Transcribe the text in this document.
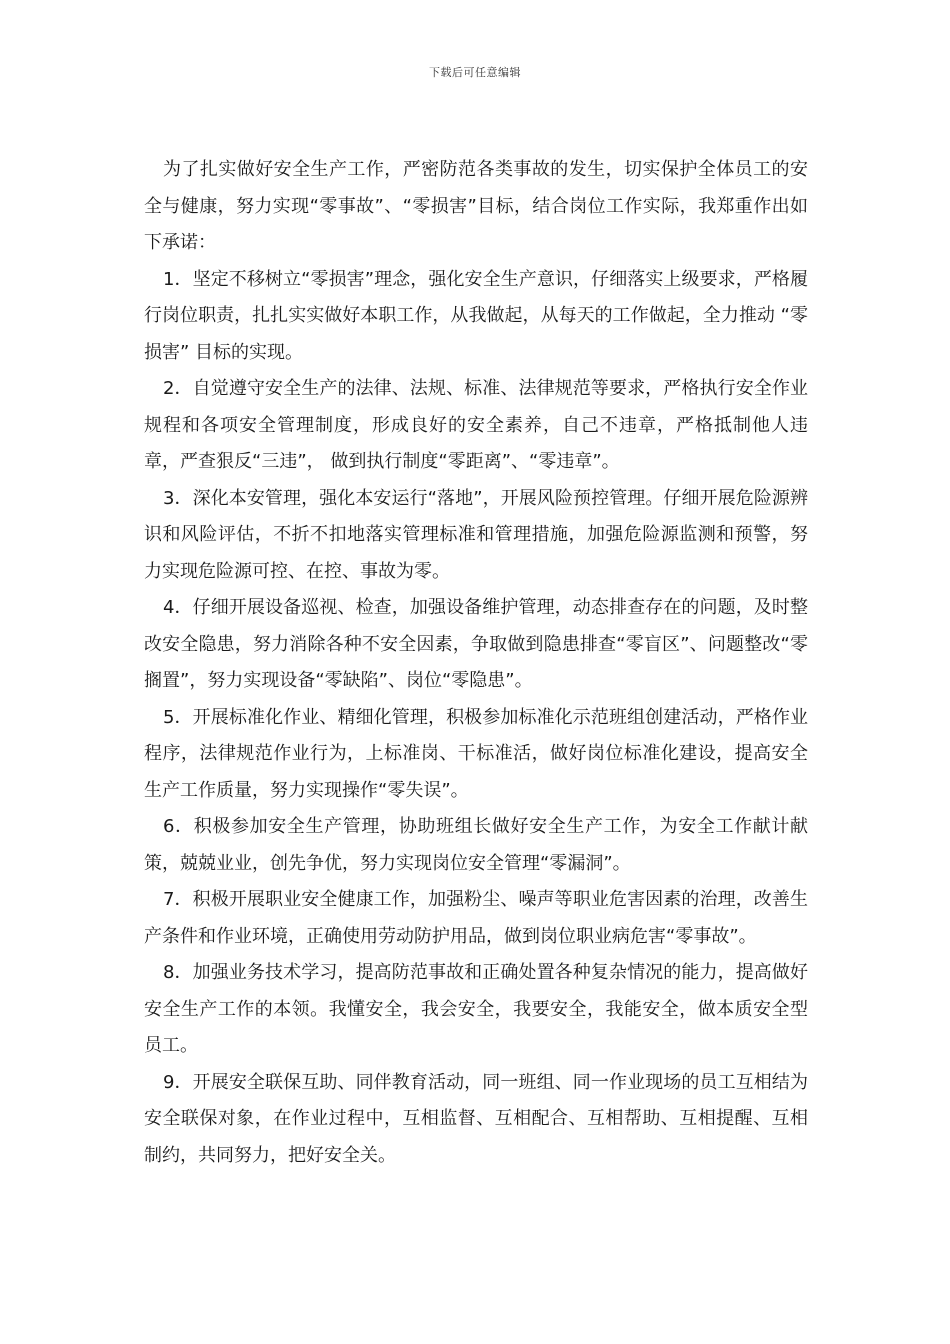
下载后可任意编辑

为了扎实做好安全生产工作，严密防范各类事故的发生，切实保护全体员工的安全与健康，努力实现“零事故”、“零损害”目标，结合岗位工作实际，我郑重作出如下承诺：

1．坚定不移树立“零损害”理念，强化安全生产意识，仔细落实上级要求，严格履行岗位职责，扎扎实实做好本职工作，从我做起，从每天的工作做起，全力推动 “零损害” 目标的实现。

2．自觉遵守安全生产的法律、法规、标准、法律规范等要求，严格执行安全作业规程和各项安全管理制度，形成良好的安全素养，自己不违章，严格抵制他人违章，严查狠反“三违”， 做到执行制度“零距离”、“零违章”。

3．深化本安管理，强化本安运行“落地”，开展风险预控管理。仔细开展危险源辨识和风险评估，不折不扣地落实管理标准和管理措施，加强危险源监测和预警，努力实现危险源可控、在控、事故为零。

4．仔细开展设备巡视、检查，加强设备维护管理，动态排查存在的问题，及时整改安全隐患，努力消除各种不安全因素，争取做到隐患排查“零盲区”、问题整改“零搁置”，努力实现设备“零缺陷”、岗位“零隐患”。

5．开展标准化作业、精细化管理，积极参加标准化示范班组创建活动，严格作业程序，法律规范作业行为，上标准岗、干标准活，做好岗位标准化建设，提高安全生产工作质量，努力实现操作“零失误”。

6．积极参加安全生产管理，协助班组长做好安全生产工作，为安全工作献计献策，兢兢业业，创先争优，努力实现岗位安全管理“零漏洞”。

7．积极开展职业安全健康工作，加强粉尘、噪声等职业危害因素的治理，改善生产条件和作业环境，正确使用劳动防护用品，做到岗位职业病危害“零事故”。

8．加强业务技术学习，提高防范事故和正确处置各种复杂情况的能力，提高做好安全生产工作的本领。我懂安全，我会安全，我要安全，我能安全，做本质安全型员工。

9．开展安全联保互助、同伴教育活动，同一班组、同一作业现场的员工互相结为安全联保对象，在作业过程中，互相监督、互相配合、互相帮助、互相提醒、互相制约，共同努力，把好安全关。
